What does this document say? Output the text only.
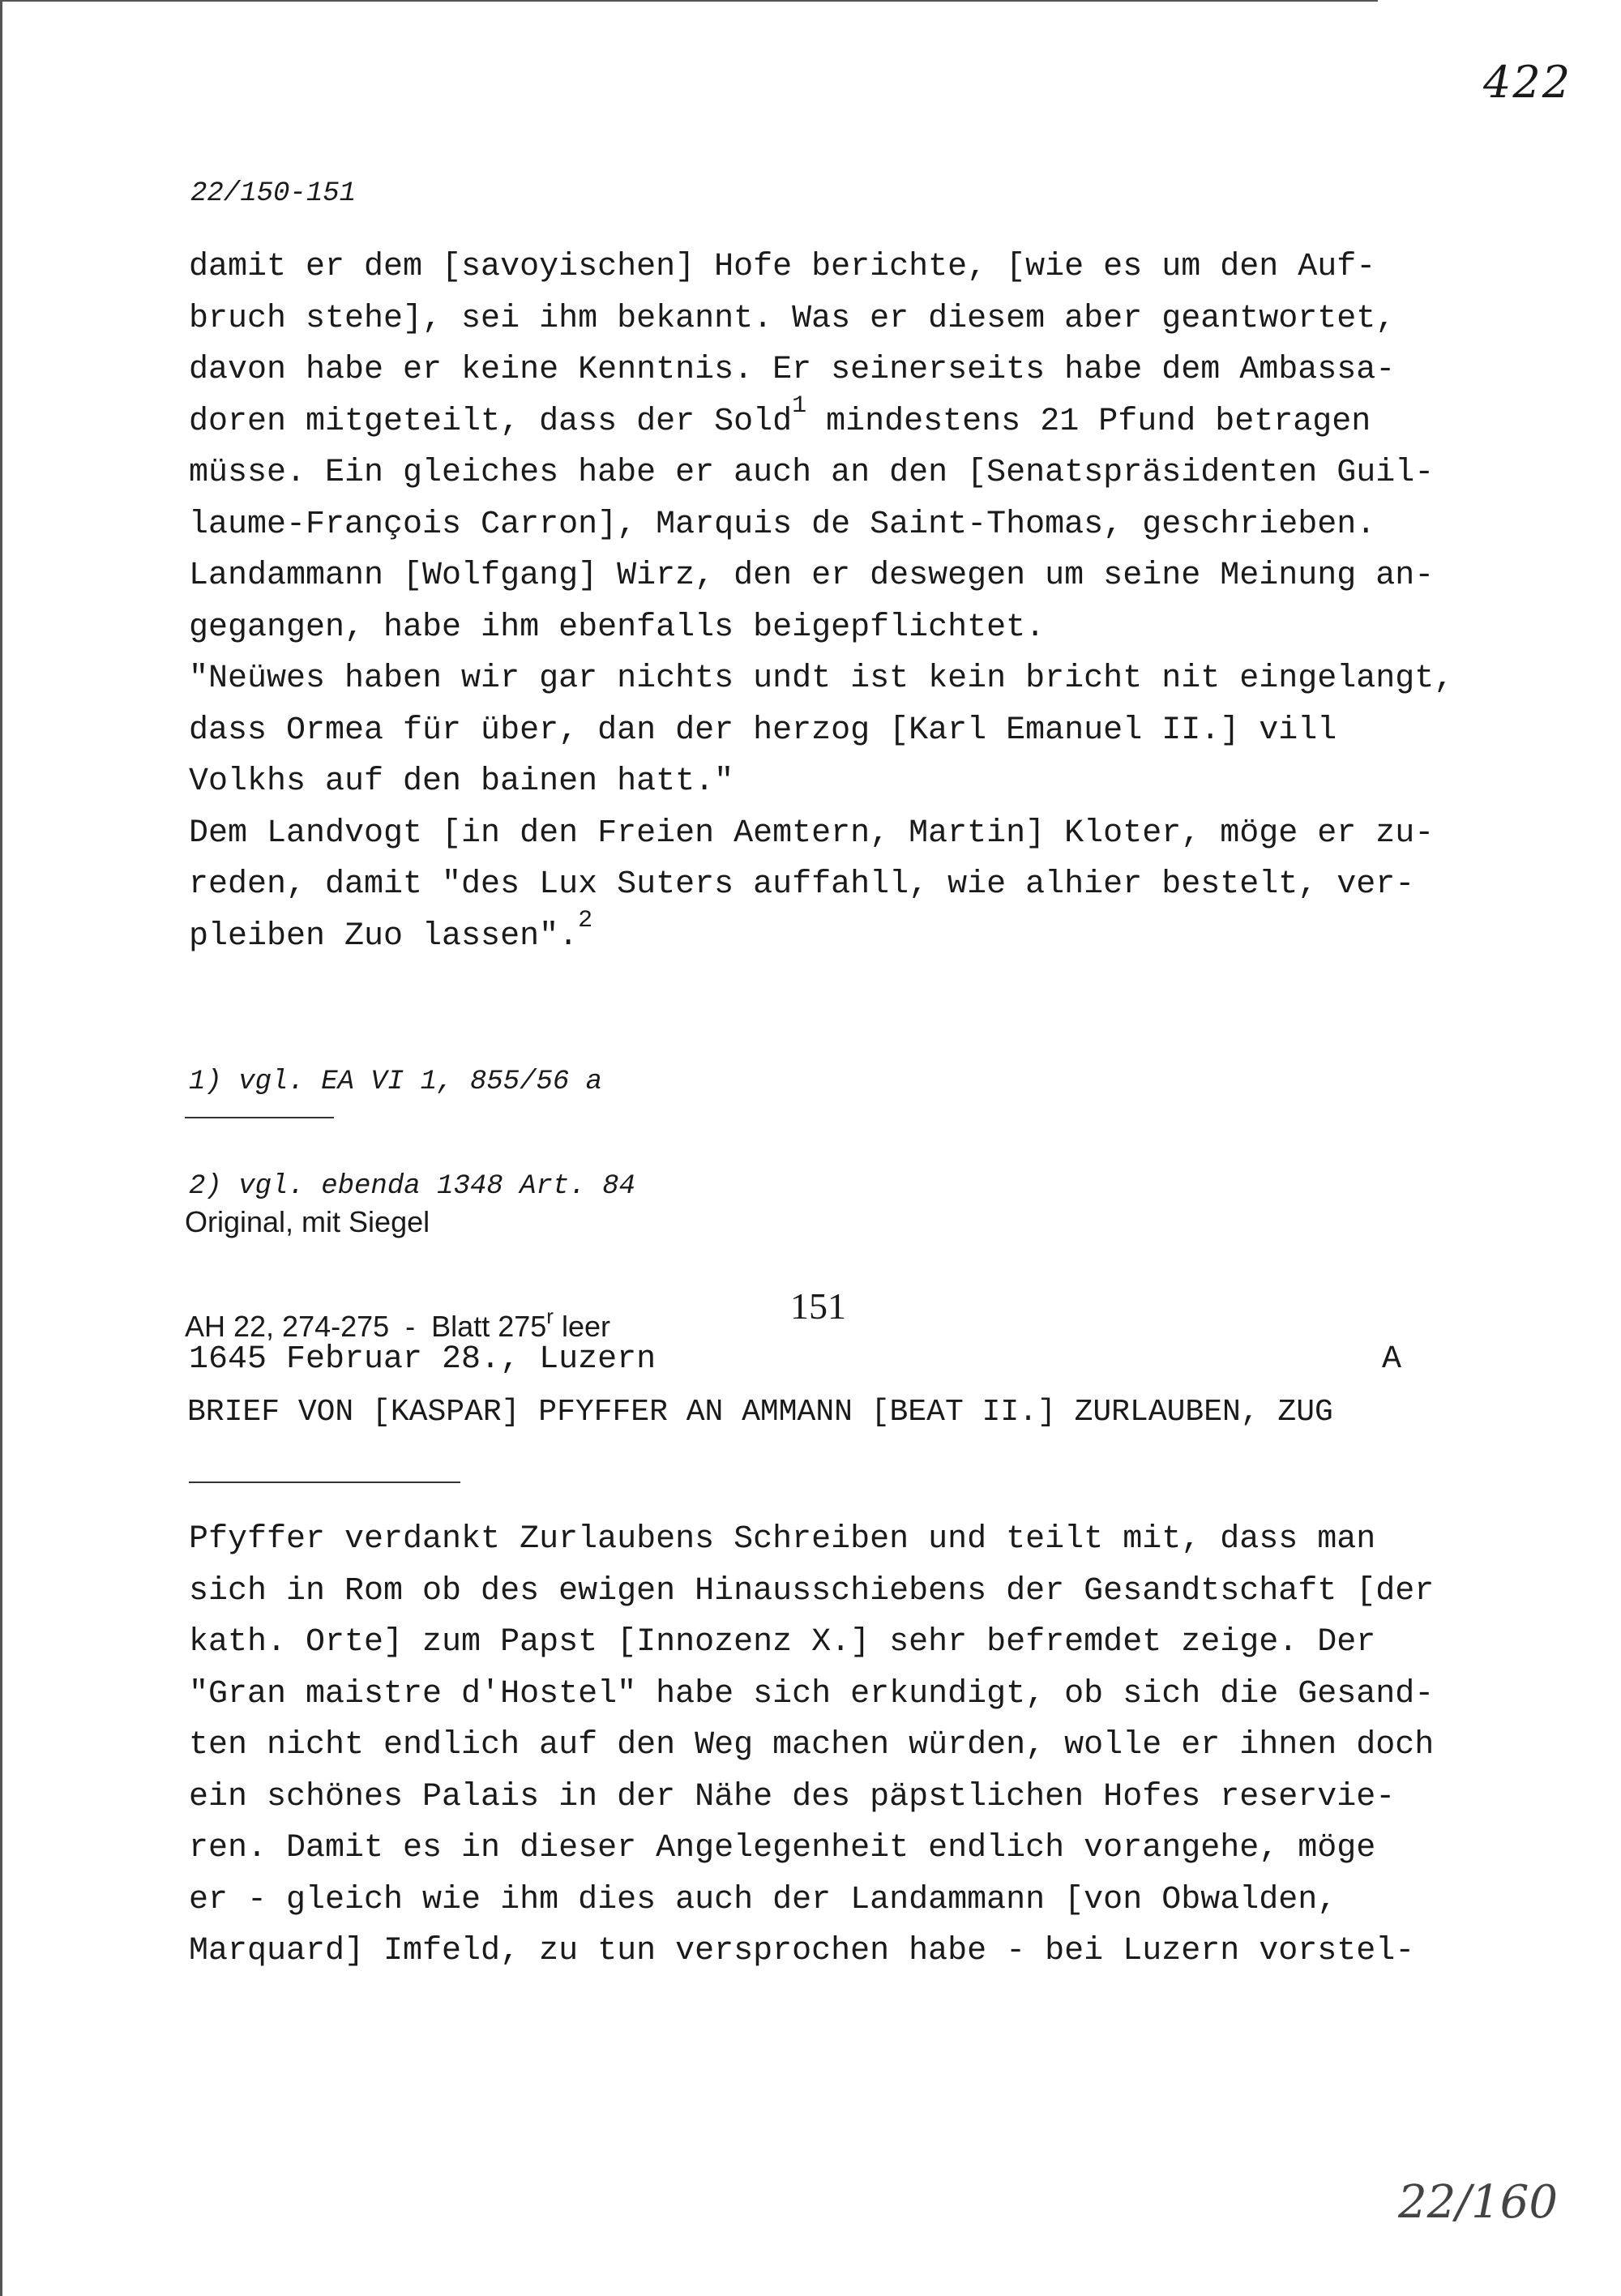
422
22/150-151
damit er dem [savoyischen] Hofe berichte, [wie es um den Auf-
bruch stehe], sei ihm bekannt. Was er diesem aber geantwortet,
davon habe er keine Kenntnis. Er seinerseits habe dem Ambassa-
doren mitgeteilt, dass der Sold$^1$ mindestens 21 Pfund betragen
müsse. Ein gleiches habe er auch an den [Senatspräsidenten Guil-
laume-François Carron], Marquis de Saint-Thomas, geschrieben.
Landammann [Wolfgang] Wirz, den er deswegen um seine Meinung an-
gegangen, habe ihm ebenfalls beigepflichtet.
"Neüwes haben wir gar nichts undt ist kein bricht nit eingelangt,
dass Ormea für über, dan der herzog [Karl Emanuel II.] vill
Volkhs auf den bainen hatt."
Dem Landvogt [in den Freien Aemtern, Martin] Kloter, möge er zu-
reden, damit "des Lux Suters auffahll, wie alhier bestelt, ver-
pleiben Zuo lassen".$^2$

1) vgl. EA VI 1, 855/56 a

2) vgl. ebenda 1348 Art. 84

Original, mit Siegel

AH 22, 274-275  -  Blatt 275$^r$ leer	151
1645 Februar 28., Luzern	A
BRIEF VON [KASPAR] PFYFFER AN AMMANN [BEAT II.] ZURLAUBEN, ZUG
Pfyffer verdankt Zurlaubens Schreiben und teilt mit, dass man
sich in Rom ob des ewigen Hinausschiebens der Gesandtschaft [der
kath. Orte] zum Papst [Innozenz X.] sehr befremdet zeige. Der
"Gran maistre d'Hostel" habe sich erkundigt, ob sich die Gesand-
ten nicht endlich auf den Weg machen würden, wolle er ihnen doch
ein schönes Palais in der Nähe des päpstlichen Hofes reservie-
ren. Damit es in dieser Angelegenheit endlich vorangehe, möge
er - gleich wie ihm dies auch der Landammann [von Obwalden,
Marquard] Imfeld, zu tun versprochen habe - bei Luzern vorstel-
22/160
